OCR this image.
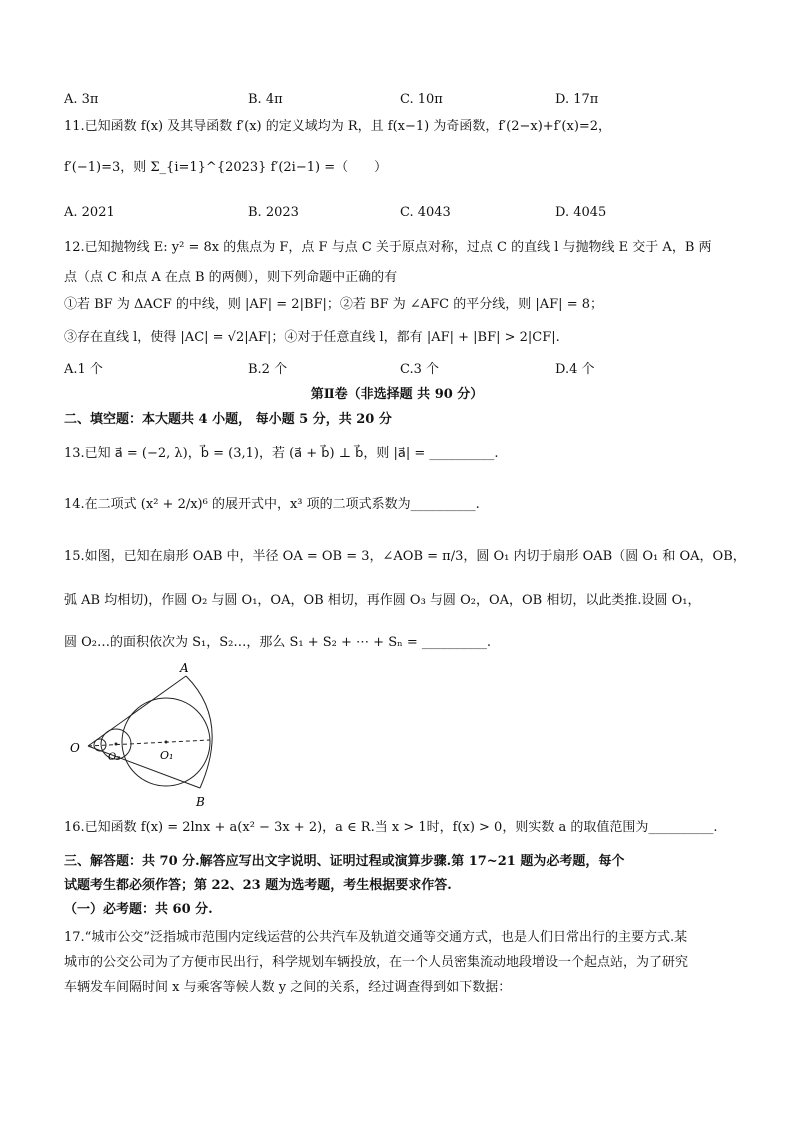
A. 3π	B. 4π	C. 10π	D. 17π
11.已知函数 f(x) 及其导函数 f′(x) 的定义域均为 R，且 f(x−1) 为奇函数，f′(2−x)+f′(x)=2，
f′(−1)=3，则 Σ_{i=1}^{2023} f′(2i−1) =（　　）
A. 2021	B. 2023	C. 4043	D. 4045
12.已知抛物线 E: y² = 8x 的焦点为 F，点 F 与点 C 关于原点对称，过点 C 的直线 l 与抛物线 E 交于 A，B 两
点（点 C 和点 A 在点 B 的两侧），则下列命题中正确的有
①若 BF 为 ΔACF 的中线，则 |AF| = 2|BF|；②若 BF 为 ∠AFC 的平分线，则 |AF| = 8；
③存在直线 l，使得 |AC| = √2|AF|；④对于任意直线 l，都有 |AF| + |BF| > 2|CF|.
A.1 个	B.2 个	C.3 个	D.4 个
第Ⅱ卷（非选择题 共 90 分）
二、填空题：本大题共 4 小题， 每小题 5 分，共 20 分
13.已知 a⃗ = (−2, λ)，b⃗ = (3,1)，若 (a⃗ + b⃗) ⊥ b⃗，则 |a⃗| = __________.
14.在二项式 (x² + 2/x)⁶ 的展开式中，x³ 项的二项式系数为__________.
15.如图，已知在扇形 OAB 中，半径 OA = OB = 3，∠AOB = π/3，圆 O₁ 内切于扇形 OAB（圆 O₁ 和 OA，OB，
弧 AB 均相切)，作圆 O₂ 与圆 O₁，OA，OB 相切，再作圆 O₃ 与圆 O₂，OA，OB 相切，以此类推.设圆 O₁，
圆 O₂…的面积依次为 S₁，S₂…，那么 S₁ + S₂ + ⋯ + Sₙ = __________.
A
B
O
O₁
O₂
16.已知函数 f(x) = 2lnx + a(x² − 3x + 2)，a ∈ R.当 x > 1时，f(x) > 0，则实数 a 的取值范围为__________.
三、解答题：共 70 分.解答应写出文字说明、证明过程或演算步骤.第 17~21 题为必考题，每个
试题考生都必须作答；第 22、23 题为选考题，考生根据要求作答.
（一）必考题：共 60 分.
17.“城市公交”泛指城市范围内定线运营的公共汽车及轨道交通等交通方式，也是人们日常出行的主要方式.某
城市的公交公司为了方便市民出行，科学规划车辆投放，在一个人员密集流动地段增设一个起点站，为了研究
车辆发车间隔时间 x 与乘客等候人数 y 之间的关系，经过调查得到如下数据：
